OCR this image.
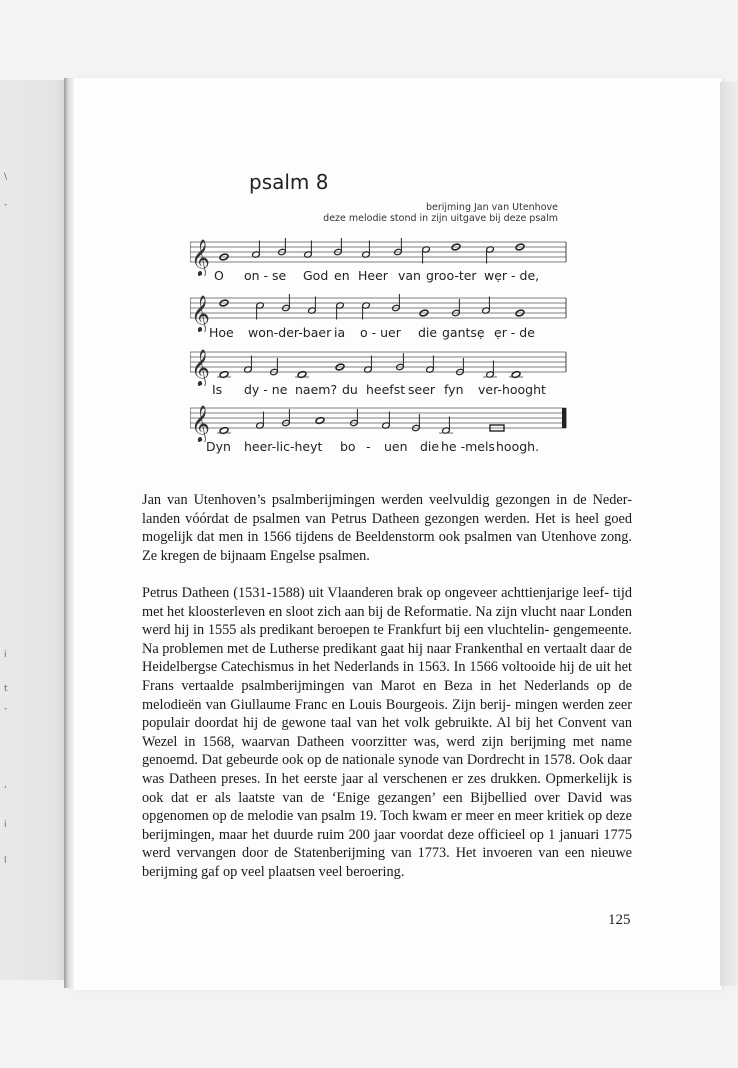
\
-
i
t
-
,
i
l
psalm 8
berijming Jan van Utenhove
deze melodie stond in zijn uitgave bij deze psalm
𝄞
𝄞
𝄞
𝄞
O on - se God en Heer van groo-ter wẹr - de,
Hoe won-der-baer ia o - uer die gantsẹ ẹr - de
Is dy - ne naem? du heefst seer fyn ver-hooght
Dyn heer-lic-heyt bo - uen die he -mels hoogh.

Jan van Utenhoven’s psalmberijmingen werden veelvuldig gezongen in de Neder- landen vóórdat de psalmen van Petrus Datheen gezongen werden. Het is heel goed mogelijk dat men in 1566 tijdens de Beeldenstorm ook psalmen van Utenhove zong. Ze kregen de bijnaam Engelse psalmen.

Petrus Datheen (1531-1588) uit Vlaanderen brak op ongeveer achttienjarige leef- tijd met het kloosterleven en sloot zich aan bij de Reformatie. Na zijn vlucht naar Londen werd hij in 1555 als predikant beroepen te Frankfurt bij een vluchtelin- gengemeente. Na problemen met de Lutherse predikant gaat hij naar Frankenthal en vertaalt daar de Heidelbergse Catechismus in het Nederlands in 1563. In 1566 voltooide hij de uit het Frans vertaalde psalmberijmingen van Marot en Beza in het Nederlands op de melodieën van Giullaume Franc en Louis Bourgeois. Zijn berij- mingen werden zeer populair doordat hij de gewone taal van het volk gebruikte. Al bij het Convent van Wezel in 1568, waarvan Datheen voorzitter was, werd zijn berijming met name genoemd. Dat gebeurde ook op de nationale synode van Dordrecht in 1578. Ook daar was Datheen preses. In het eerste jaar al verschenen er zes drukken. Opmerkelijk is ook dat er als laatste van de ‘Enige gezangen’ een Bijbellied over David was opgenomen op de melodie van psalm 19. Toch kwam er meer en meer kritiek op deze berijmingen, maar het duurde ruim 200 jaar voordat deze officieel op 1 januari 1775 werd vervangen door de Statenberijming van 1773. Het invoeren van een nieuwe berijming gaf op veel plaatsen veel beroering.

125
